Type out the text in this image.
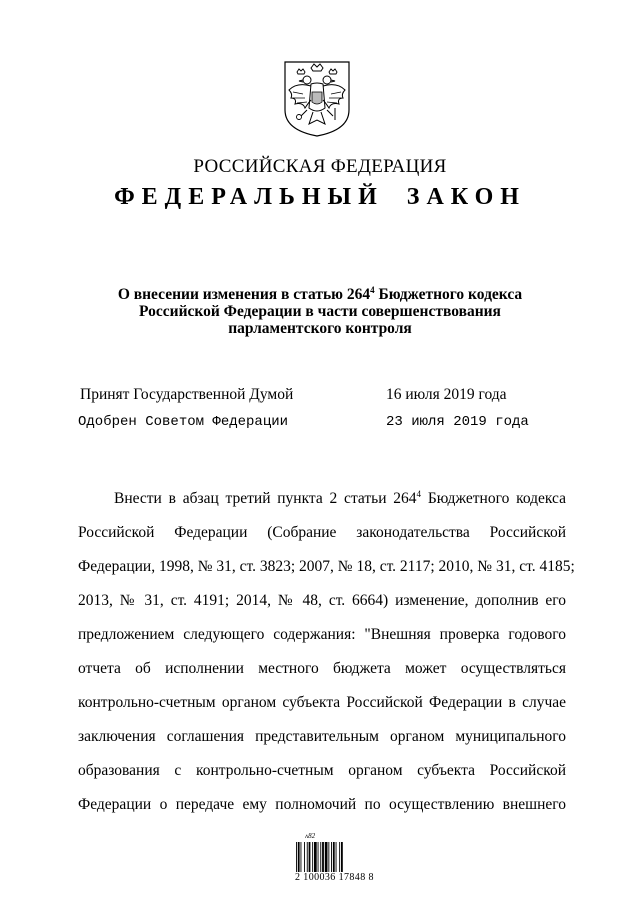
РОССИЙСКАЯ ФЕДЕРАЦИЯ
ФЕДЕРАЛЬНЫЙ ЗАКОН
О внесении изменения в статью $264^4$ Бюджетного кодекса
Российской Федерации в части совершенствования
парламентского контроля
Принят Государственной Думой	16 июля 2019 года
Одобрен Советом Федерации	23 июля 2019 года
Внести в абзац третий пункта 2 статьи $264^4$ Бюджетного кодекса
Российской Федерации (Собрание законодательства Российской
Федерации, 1998, № 31, ст. 3823; 2007, № 18, ст. 2117; 2010, № 31, ст. 4185;
2013, № 31, ст. 4191; 2014, № 48, ст. 6664) изменение, дополнив его
предложением следующего содержания: "Внешняя проверка годового
отчета об исполнении местного бюджета может осуществляться
контрольно-счетным органом субъекта Российской Федерации в случае
заключения соглашения представительным органом муниципального
образования с контрольно-счетным органом субъекта Российской
Федерации о передаче ему полномочий по осуществлению внешнего
ʌ82
2 100036 17848 8
